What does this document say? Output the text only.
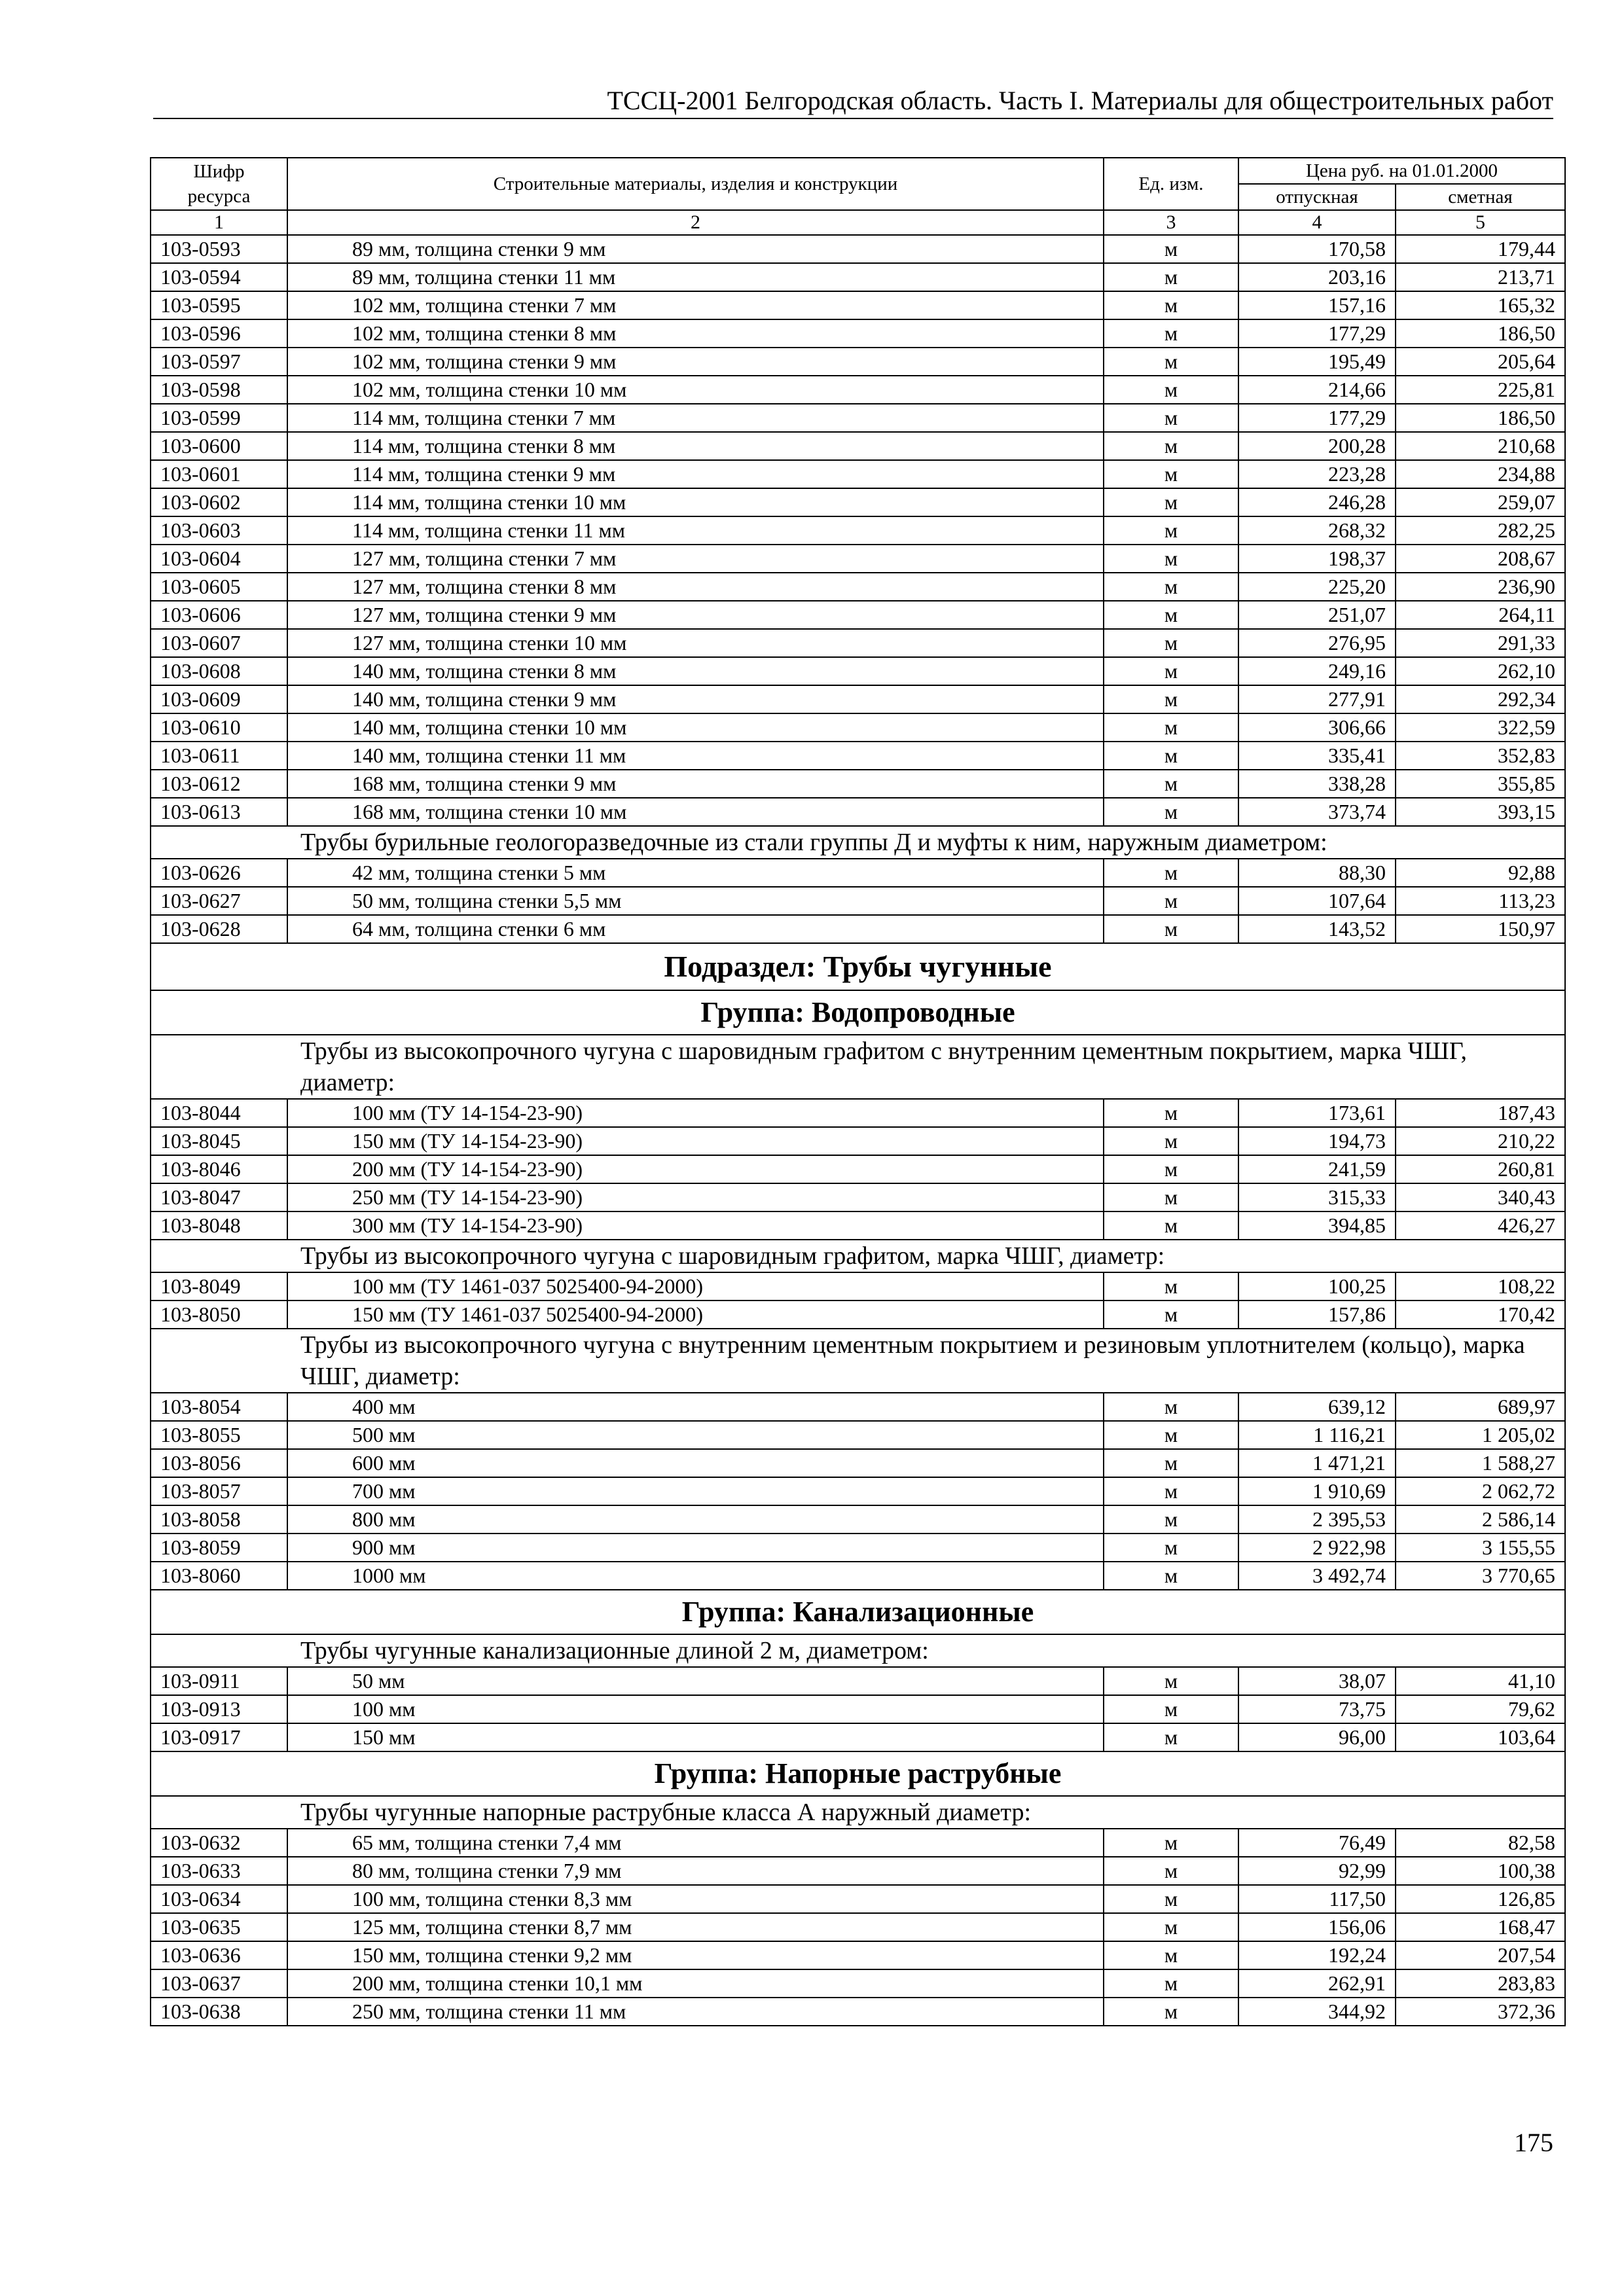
ТССЦ-2001 Белгородская область. Часть I. Материалы для общестроительных работ
Шифр ресурса	Строительные материалы, изделия и конструкции	Ед. изм.	Цена руб. на 01.01.2000	
			отпускная	сметная
1	2	3	4	5
103-0593	89 мм, толщина стенки 9 мм	м	170,58	179,44
103-0594	89 мм, толщина стенки 11 мм	м	203,16	213,71
103-0595	102 мм, толщина стенки 7 мм	м	157,16	165,32
103-0596	102 мм, толщина стенки 8 мм	м	177,29	186,50
103-0597	102 мм, толщина стенки 9 мм	м	195,49	205,64
103-0598	102 мм, толщина стенки 10 мм	м	214,66	225,81
103-0599	114 мм, толщина стенки 7 мм	м	177,29	186,50
103-0600	114 мм, толщина стенки 8 мм	м	200,28	210,68
103-0601	114 мм, толщина стенки 9 мм	м	223,28	234,88
103-0602	114 мм, толщина стенки 10 мм	м	246,28	259,07
103-0603	114 мм, толщина стенки 11 мм	м	268,32	282,25
103-0604	127 мм, толщина стенки 7 мм	м	198,37	208,67
103-0605	127 мм, толщина стенки 8 мм	м	225,20	236,90
103-0606	127 мм, толщина стенки 9 мм	м	251,07	264,11
103-0607	127 мм, толщина стенки 10 мм	м	276,95	291,33
103-0608	140 мм, толщина стенки 8 мм	м	249,16	262,10
103-0609	140 мм, толщина стенки 9 мм	м	277,91	292,34
103-0610	140 мм, толщина стенки 10 мм	м	306,66	322,59
103-0611	140 мм, толщина стенки 11 мм	м	335,41	352,83
103-0612	168 мм, толщина стенки 9 мм	м	338,28	355,85
103-0613	168 мм, толщина стенки 10 мм	м	373,74	393,15
Трубы бурильные геологоразведочные из стали группы Д и муфты к ним, наружным диаметром:				
103-0626	42 мм, толщина стенки 5 мм	м	88,30	92,88
103-0627	50 мм, толщина стенки 5,5 мм	м	107,64	113,23
103-0628	64 мм, толщина стенки 6 мм	м	143,52	150,97
Подраздел: Трубы чугунные				
Группа: Водопроводные				
Трубы из высокопрочного чугуна с шаровидным графитом с внутренним цементным покрытием, марка ЧШГ, диаметр:				
103-8044	100 мм (ТУ 14-154-23-90)	м	173,61	187,43
103-8045	150 мм (ТУ 14-154-23-90)	м	194,73	210,22
103-8046	200 мм (ТУ 14-154-23-90)	м	241,59	260,81
103-8047	250 мм (ТУ 14-154-23-90)	м	315,33	340,43
103-8048	300 мм (ТУ 14-154-23-90)	м	394,85	426,27
Трубы из высокопрочного чугуна с шаровидным графитом, марка ЧШГ, диаметр:				
103-8049	100 мм (ТУ 1461-037 5025400-94-2000)	м	100,25	108,22
103-8050	150 мм (ТУ 1461-037 5025400-94-2000)	м	157,86	170,42
Трубы из высокопрочного чугуна с внутренним цементным покрытием и резиновым уплотнителем (кольцо), марка ЧШГ, диаметр:				
103-8054	400 мм	м	639,12	689,97
103-8055	500 мм	м	1 116,21	1 205,02
103-8056	600 мм	м	1 471,21	1 588,27
103-8057	700 мм	м	1 910,69	2 062,72
103-8058	800 мм	м	2 395,53	2 586,14
103-8059	900 мм	м	2 922,98	3 155,55
103-8060	1000 мм	м	3 492,74	3 770,65
Группа: Канализационные				
Трубы чугунные канализационные длиной 2 м, диаметром:				
103-0911	50 мм	м	38,07	41,10
103-0913	100 мм	м	73,75	79,62
103-0917	150 мм	м	96,00	103,64
Группа: Напорные раструбные				
Трубы чугунные напорные раструбные класса А наружный диаметр:				
103-0632	65 мм, толщина стенки 7,4 мм	м	76,49	82,58
103-0633	80 мм, толщина стенки 7,9 мм	м	92,99	100,38
103-0634	100 мм, толщина стенки 8,3 мм	м	117,50	126,85
103-0635	125 мм, толщина стенки 8,7 мм	м	156,06	168,47
103-0636	150 мм, толщина стенки 9,2 мм	м	192,24	207,54
103-0637	200 мм, толщина стенки 10,1 мм	м	262,91	283,83
103-0638	250 мм, толщина стенки 11 мм	м	344,92	372,36
175
